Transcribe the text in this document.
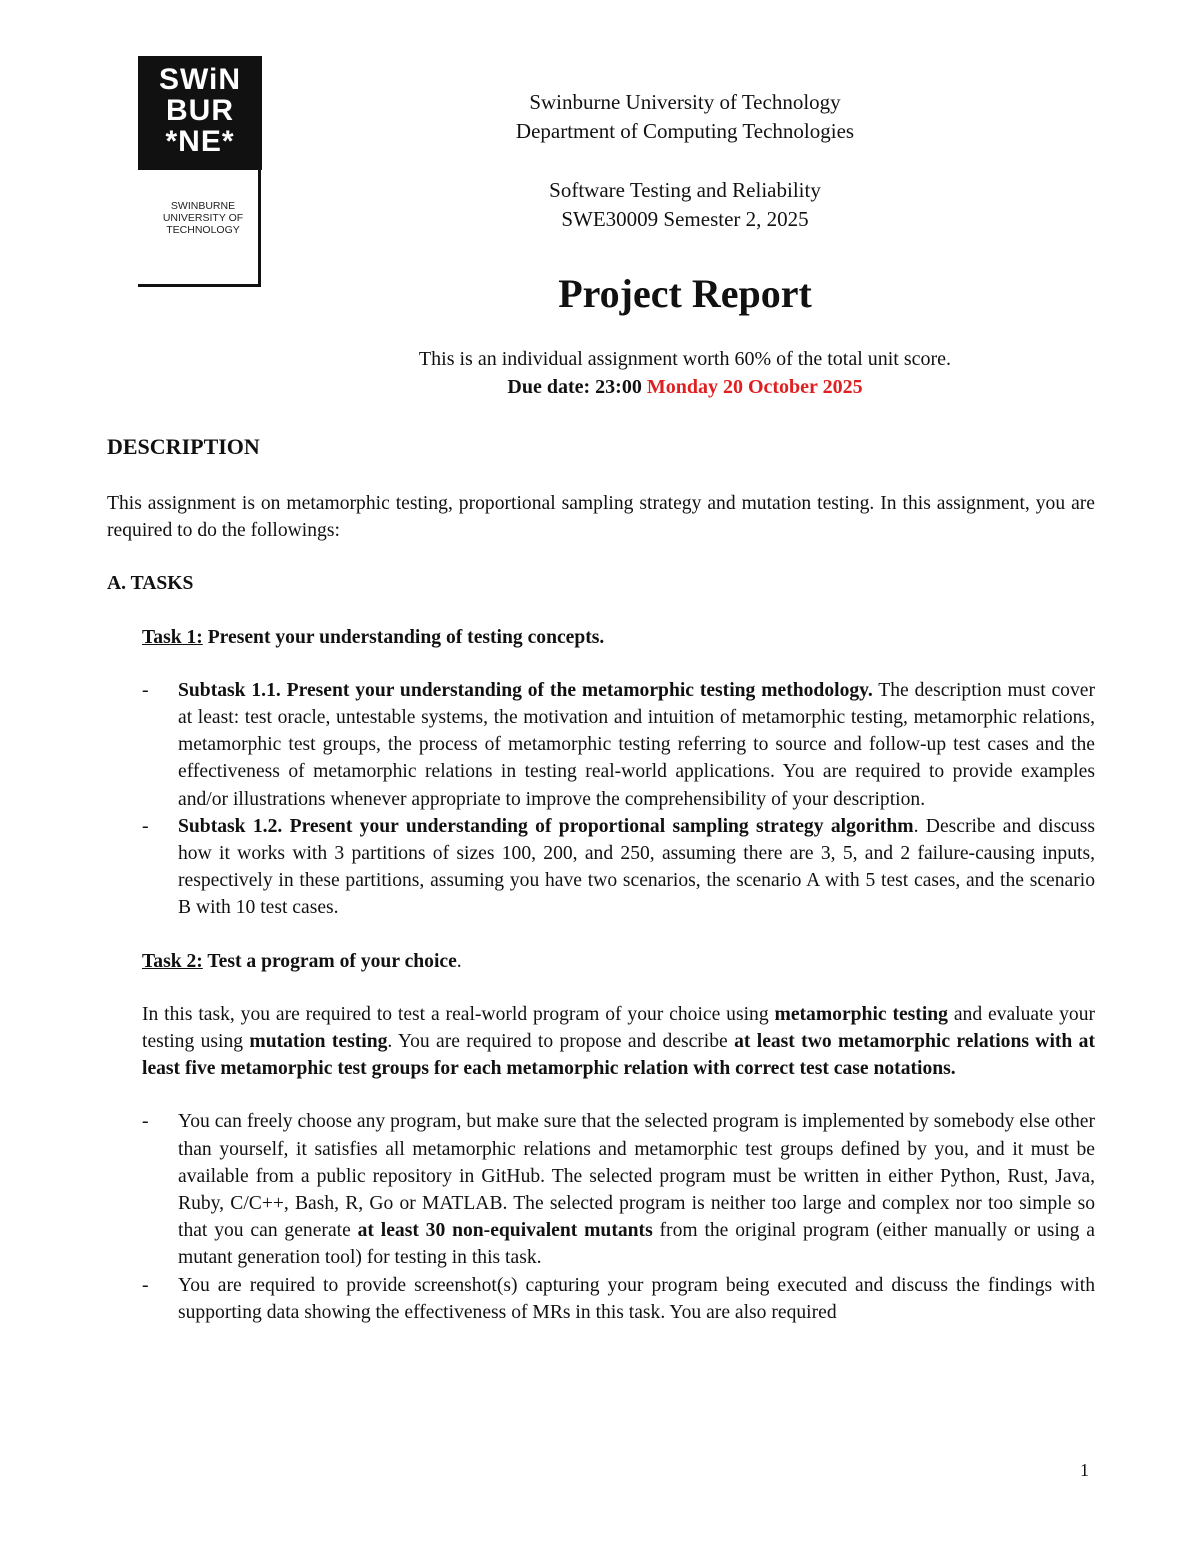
SWiN
BUR
*NE*
SWINBURNE
UNIVERSITY OF
TECHNOLOGY
Swinburne University of Technology
Department of Computing Technologies
Software Testing and Reliability
SWE30009 Semester 2, 2025
Project Report
This is an individual assignment worth 60% of the total unit score.
Due date: 23:00 Monday 20 October 2025
DESCRIPTION

This assignment is on metamorphic testing, proportional sampling strategy and mutation testing. In this assignment, you are required to do the followings:

A. TASKS
Task 1: Present your understanding of testing concepts.
- Subtask 1.1. Present your understanding of the metamorphic testing methodology. The description must cover at least: test oracle, untestable systems, the motivation and intuition of metamorphic testing, metamorphic relations, metamorphic test groups, the process of metamorphic testing referring to source and follow-up test cases and the effectiveness of metamorphic relations in testing real-world applications. You are required to provide examples and/or illustrations whenever appropriate to improve the comprehensibility of your description.
- Subtask 1.2. Present your understanding of proportional sampling strategy algorithm. Describe and discuss how it works with 3 partitions of sizes 100, 200, and 250, assuming there are 3, 5, and 2 failure-causing inputs, respectively in these partitions, assuming you have two scenarios, the scenario A with 5 test cases, and the scenario B with 10 test cases.
Task 2: Test a program of your choice.

In this task, you are required to test a real-world program of your choice using metamorphic testing and evaluate your testing using mutation testing. You are required to propose and describe at least two metamorphic relations with at least five metamorphic test groups for each metamorphic relation with correct test case notations.

- You can freely choose any program, but make sure that the selected program is implemented by somebody else other than yourself, it satisfies all metamorphic relations and metamorphic test groups defined by you, and it must be available from a public repository in GitHub. The selected program must be written in either Python, Rust, Java, Ruby, C/C++, Bash, R, Go or MATLAB. The selected program is neither too large and complex nor too simple so that you can generate at least 30 non-equivalent mutants from the original program (either manually or using a mutant generation tool) for testing in this task.
- You are required to provide screenshot(s) capturing your program being executed and discuss the findings with supporting data showing the effectiveness of MRs in this task. You are also required
1
